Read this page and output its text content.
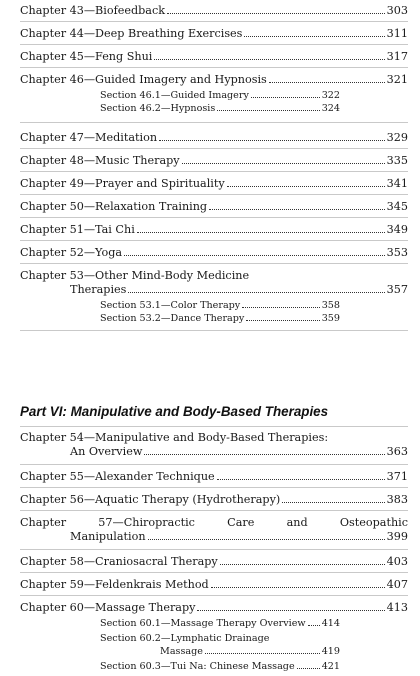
Chapter 43—Biofeedback	303
Chapter 44—Deep Breathing Exercises	311
Chapter 45—Feng Shui	317
Chapter 46—Guided Imagery and Hypnosis	321
Section 46.1—Guided Imagery	322
Section 46.2—Hypnosis	324
Chapter 47—Meditation	329
Chapter 48—Music Therapy	335
Chapter 49—Prayer and Spirituality	341
Chapter 50—Relaxation Training	345
Chapter 51—Tai Chi	349
Chapter 52—Yoga	353
Chapter 53—Other Mind-Body Medicine
Therapies	357
Section 53.1—Color Therapy	358
Section 53.2—Dance Therapy	359
Part VI: Manipulative and Body-Based Therapies
Chapter 54—Manipulative and Body-Based Therapies:
An Overview	363
Chapter 55—Alexander Technique	371
Chapter 56—Aquatic Therapy (Hydrotherapy)	383
Chapter 57—Chiropractic Care and Osteopathic
Manipulation	399
Chapter 58—Craniosacral Therapy	403
Chapter 59—Feldenkrais Method	407
Chapter 60—Massage Therapy	413
Section 60.1—Massage Therapy Overview 414
Section 60.2—Lymphatic Drainage
Massage	419
Section 60.3—Tui Na: Chinese Massage	421
